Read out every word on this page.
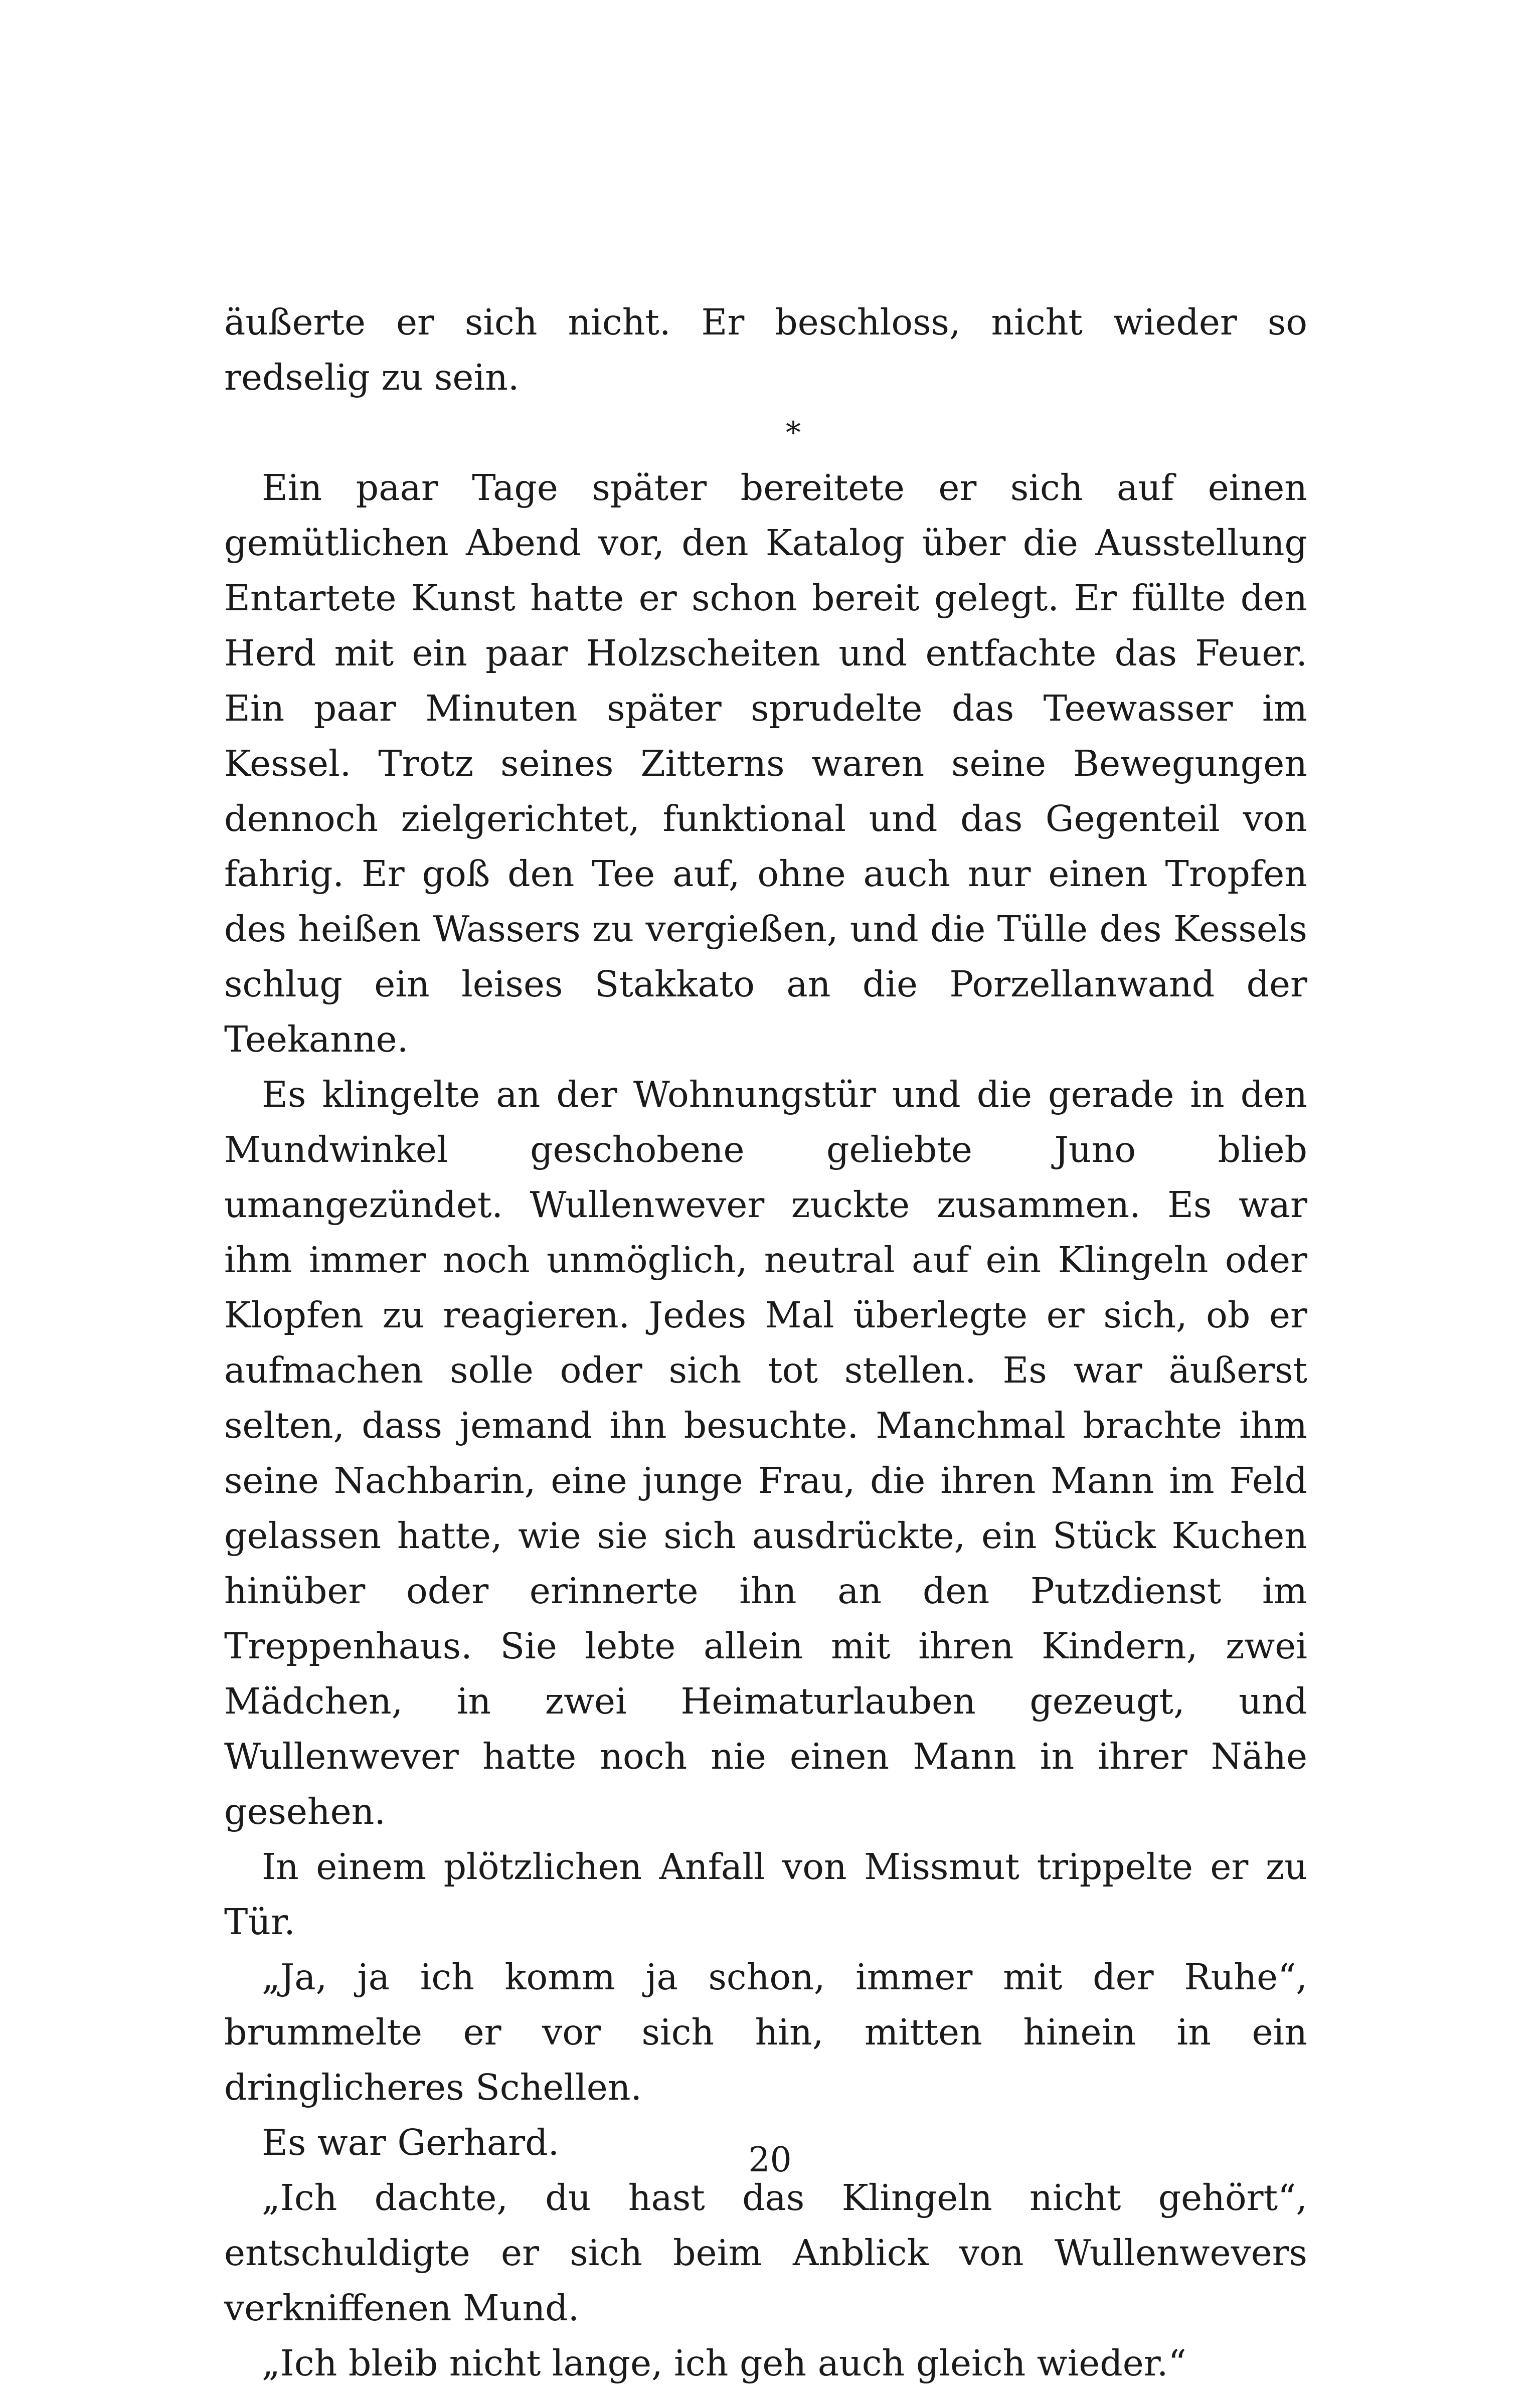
äußerte er sich nicht. Er beschloss, nicht wieder so redselig zu sein.

*

Ein paar Tage später bereitete er sich auf einen gemütlichen Abend vor, den Katalog über die Ausstellung Entartete Kunst hatte er schon bereit gelegt. Er füllte den Herd mit ein paar Holzscheiten und entfachte das Feuer. Ein paar Minuten später sprudelte das Teewasser im Kessel. Trotz seines Zitterns waren seine Bewegungen dennoch zielgerichtet, funktional und das Gegenteil von fahrig. Er goß den Tee auf, ohne auch nur einen Tropfen des heißen Wassers zu vergießen, und die Tülle des Kessels schlug ein leises Stakkato an die Porzellanwand der Teekanne.

Es klingelte an der Wohnungstür und die gerade in den Mundwinkel geschobene geliebte Juno blieb umangezündet. Wullenwever zuckte zusammen. Es war ihm immer noch unmöglich, neutral auf ein Klingeln oder Klopfen zu reagieren. Jedes Mal überlegte er sich, ob er aufmachen solle oder sich tot stellen. Es war äußerst selten, dass jemand ihn besuchte. Manchmal brachte ihm seine Nachbarin, eine junge Frau, die ihren Mann im Feld gelassen hatte, wie sie sich ausdrückte, ein Stück Kuchen hinüber oder erinnerte ihn an den Putzdienst im Treppenhaus. Sie lebte allein mit ihren Kindern, zwei Mädchen, in zwei Heimaturlauben gezeugt, und Wullenwever hatte noch nie einen Mann in ihrer Nähe gesehen.

In einem plötzlichen Anfall von Missmut trippelte er zu Tür.

„Ja, ja ich komm ja schon, immer mit der Ruhe“, brummelte er vor sich hin, mitten hinein in ein dringlicheres Schellen.

Es war Gerhard.

„Ich dachte, du hast das Klingeln nicht gehört“, entschuldigte er sich beim Anblick von Wullenwevers verkniffenen Mund.

„Ich bleib nicht lange, ich geh auch gleich wieder.“

20
